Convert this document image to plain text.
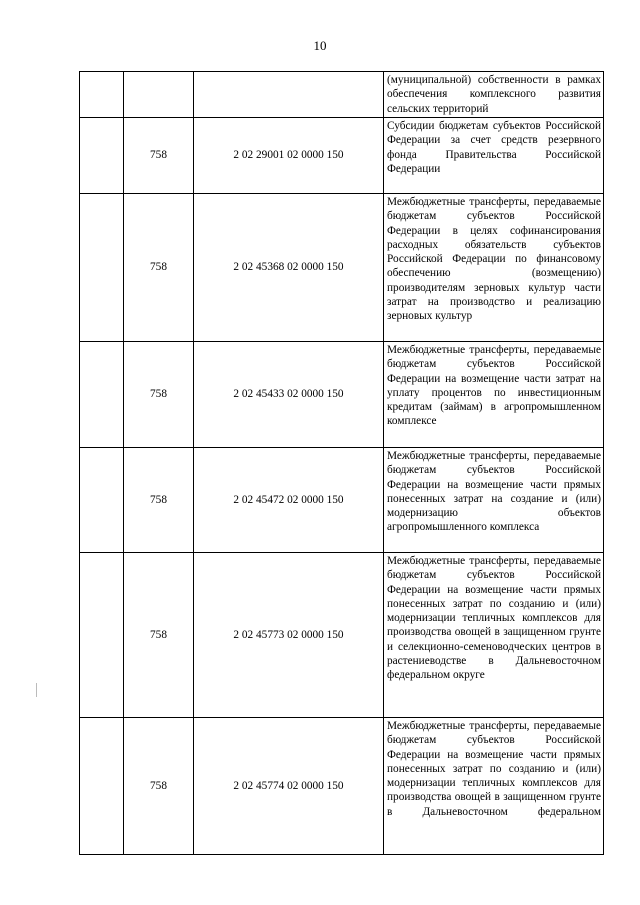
10
			(муниципальной) собственности в рамках обеспечения комплексного развития сельских территорий
	758	2 02 29001 02 0000 150	Субсидии бюджетам субъектов Российской Федерации за счет средств резервного фонда Правительства Российской Федерации
	758	2 02 45368 02 0000 150	Межбюджетные трансферты, передаваемые бюджетам субъектов Российской Федерации в целях софинансирования расходных обязательств субъектов Российской Федерации по финансовому обеспечению (возмещению) производителям зерновых культур части затрат на производство и реализацию зерновых культур
	758	2 02 45433 02 0000 150	Межбюджетные трансферты, передаваемые бюджетам субъектов Российской Федерации на возмещение части затрат на уплату процентов по инвестиционным кредитам (займам) в агропромышленном комплексе
	758	2 02 45472 02 0000 150	Межбюджетные трансферты, передаваемые бюджетам субъектов Российской Федерации на возмещение части прямых понесенных затрат на создание и (или) модернизацию объектов агропромышленного комплекса
	758	2 02 45773 02 0000 150	Межбюджетные трансферты, передаваемые бюджетам субъектов Российской Федерации на возмещение части прямых понесенных затрат по созданию и (или) модернизации тепличных комплексов для производства овощей в защищенном грунте и селекционно-семеноводческих центров в растениеводстве в Дальневосточном федеральном округе
	758	2 02 45774 02 0000 150	Межбюджетные трансферты, передаваемые бюджетам субъектов Российской Федерации на возмещение части прямых понесенных затрат по созданию и (или) модернизации тепличных комплексов для производства овощей в защищенном грунте в Дальневосточном федеральном
